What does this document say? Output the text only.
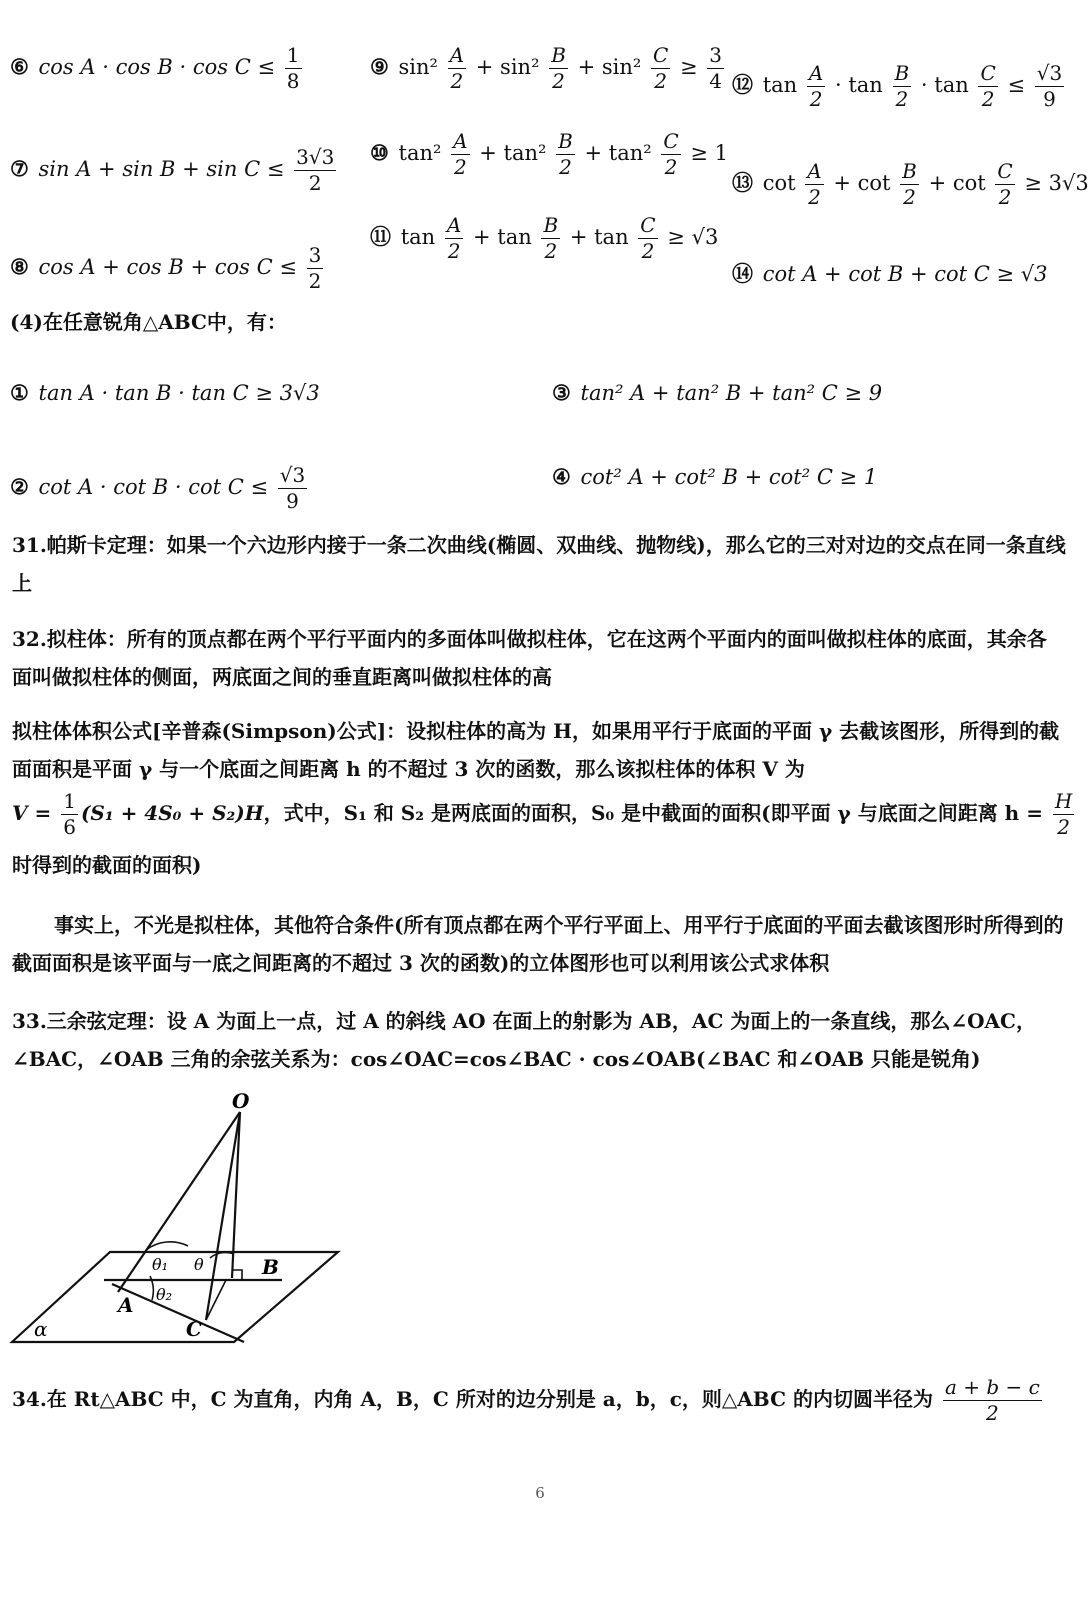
⑥ $\cos A \cdot \cos B \cdot \cos C \le \frac{1}{8}$
⑦ $\sin A + \sin B + \sin C \le \frac{3√3}{2}$
⑧ $\cos A + \cos B + \cos C \le \frac{3}{2}$
⑨ $\sin^2 \frac{A}{2} + \sin^2 \frac{B}{2} + \sin^2 \frac{C}{2} \ge \frac{3}{4}$
⑩ $\tan^2 \frac{A}{2} + \tan^2 \frac{B}{2} + \tan^2 \frac{C}{2} \ge 1$
⑪ $\tan \frac{A}{2} + \tan \frac{B}{2} + \tan \frac{C}{2} \ge √3$
⑫ $\tan \frac{A}{2} \cdot \tan \frac{B}{2} \cdot \tan \frac{C}{2} \le \frac{√3}{9}$
⑬ $\cot \frac{A}{2} + \cot \frac{B}{2} + \cot \frac{C}{2} \ge 3√3$
⑭ cot A + cot B + cot C ≥ √3
(4)在任意锐角△ABC中，有：
① tan A · tan B · tan C ≥ 3√3	③ tan² A + tan² B + tan² C ≥ 9
② $\cot A \cdot \cot B \cdot \cot C \le \frac{√3}{9}$	④ cot² A + cot² B + cot² C ≥ 1
31.帕斯卡定理：如果一个六边形内接于一条二次曲线(椭圆、双曲线、抛物线)，那么它的三对对边的交点在同一条直线上
32.拟柱体：所有的顶点都在两个平行平面内的多面体叫做拟柱体，它在这两个平面内的面叫做拟柱体的底面，其余各面叫做拟柱体的侧面，两底面之间的垂直距离叫做拟柱体的高
拟柱体体积公式[辛普森(Simpson)公式]：设拟柱体的高为 H，如果用平行于底面的平面 γ 去截该图形，所得到的截面面积是平面 γ 与一个底面之间距离 h 的不超过 3 次的函数，那么该拟柱体的体积 V 为
$V = \frac{1}{6} (S_1 + 4S_0 + S_2)H$，式中，S₁ 和 S₂ 是两底面的面积，S₀ 是中截面的面积(即平面 γ 与底面之间距离 $h = \frac{H}{2}$
时得到的截面的面积)
事实上，不光是拟柱体，其他符合条件(所有顶点都在两个平行平面上、用平行于底面的平面去截该图形时所得到的截面面积是该平面与一底之间距离的不超过 3 次的函数)的立体图形也可以利用该公式求体积
33.三余弦定理：设 A 为面上一点，过 A 的斜线 AO 在面上的射影为 AB，AC 为面上的一条直线，那么∠OAC，∠BAC，∠OAB 三角的余弦关系为：cos∠OAC=cos∠BAC · cos∠OAB(∠BAC 和∠OAB 只能是锐角)
O
A
B
C
α
θ₁ θ
θ₂
34.在 Rt△ABC 中，C 为直角，内角 A，B，C 所对的边分别是 a，b，c，则△ABC 的内切圆半径为 $\frac{a + b - c}{2}$
6
